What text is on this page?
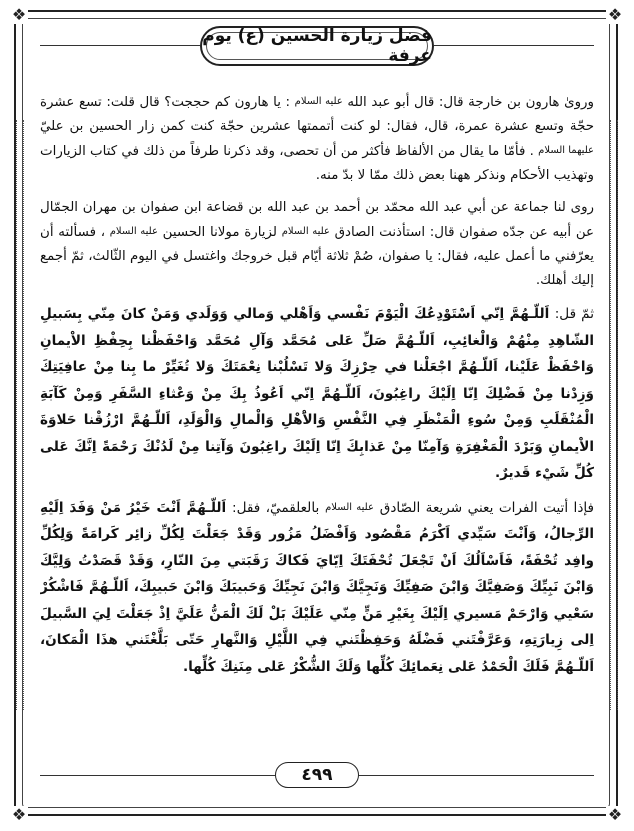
❖	❖
❖	❖
فضل زيارة الحسين (ع) يوم عرفة

ورویٰ هارون بن خارجة قال: قال أبو عبد الله عليه السلام : يا هارون كم حججت؟ قال قلت: تسع عشرة حجّة وتسع عشرة عمرة، قال، فقال: لو كنت أتممتها عشرين حجّة كنت كمن زار الحسين بن عليّ عليهما السلام . فأمّا ما يقال من الألفاظ فأكثر من أن تحصى، وقد ذكرنا طرفاً من ذلك في كتاب الزيارات وتهذيب الأحكام ونذكر ههنا بعض ذلك ممّا لا بدّ منه.

روى لنا جماعة عن أبي عبد الله محمّد بن أحمد بن عبد الله بن قضاعة ابن صفوان بن مهران الجمّال عن أبيه عن جدّه صفوان قال: استأذنت الصادق عليه السلام لزيارة مولانا الحسين عليه السلام ، فسألته أن يعرّفني ما أعمل عليه، فقال: يا صفوان، صُمْ ثلاثة أيّام قبل خروجك واغتسل في اليوم الثّالث، ثمّ أجمع إليك أهلك.

ثمّ قل: اَللّـهُمَّ اِنّي اَسْتَوْدِعُكَ الْيَوْمَ نَفْسي وَاَهْلي وَمالي وَوَلَدي وَمَنْ كانَ مِنّي بِسَبيلِ الشّاهِدِ مِنْهُمْ وَالْغائِبِ، اَللّـهُمَّ صَلِّ عَلى مُحَمَّد وَآلِ مُحَمَّد وَاحْفَظْنا بِحِفْظِ الاْيمانِ وَاحْفَظْ عَلَيْنا، اَللّـهُمَّ اجْعَلْنا في حِرْزِكَ وَلا تَسْلُبْنا نِعْمَتَكَ وَلا تُغَيِّرْ ما بِنا مِنْ عافِيَتِكَ وَزِدْنا مِنْ فَضْلِكَ اِنّا اِلَيْكَ راغِبُونَ، اَللّـهُمَّ اِنّي اَعُوذُ بِكَ مِنْ وَعْثاءِ السَّفَرِ وَمِنْ كَآبَةِ الْمُنْقَلَبِ وَمِنْ سُوءِ الْمَنْظَرِ فِي النَّفْسِ وَالاَْهْلِ وَالْمالِ وَالْوَلَدِ، اَللّـهُمَّ ارْزُقْنا حَلاوَةَ الاْيمانِ وَبَرْدَ الْمَغْفِرَةِ وَآمِنّا مِنْ عَذابِكَ اِنّا اِلَيْكَ راغِبُونَ وَآتِنا مِنْ لَدُنْكَ رَحْمَةً اِنَّكَ عَلى كُلِّ شَيْء قَديرٌ.

فإذا أتيت الفرات يعني شريعة الصّادق عليه السلام بالعلقميّ، فقل: اَللّـهُمَّ اَنْتَ خَيْرُ مَنْ وَفَدَ اِلَيْهِ الرِّجالُ، وَاَنْتَ سَيِّدي اَكْرَمُ مَقْصُود وَاَفْضَلُ مَزُور وَقَدْ جَعَلْتَ لِكُلِّ زائِر كَرامَةً وَلِكُلِّ وافِد تُحْفَةً، فَاَسْاَلُكَ اَنْ تَجْعَلَ تُحْفَتَكَ اِيّايَ فَكاكَ رَقَبَتي مِنَ النّارِ، وَقَدْ قَصَدْتُ وَلِيَّكَ وَابْنَ نَبِيِّكَ وَصَفِيَّكَ وَابْنَ صَفِيِّكَ وَنَجِيَّكَ وَابْنَ نَجِيِّكَ وَحَبيبَكَ وَابْنَ حَبيبِكَ، اَللّـهُمَّ فَاشْكُرْ سَعْيي وَارْحَمْ مَسيري اِلَيْكَ بِغَيْرِ مَنٍّ مِنّي عَلَيْكَ بَلْ لَكَ الْمَنُّ عَلَيَّ اِذْ جَعَلْتَ لِيَ السَّبيلَ اِلى زِيارَتِهِ، وَعَرَّفْتَني فَضْلَهُ وَحَفِظْتَني فِي اللَّيْلِ وَالنَّهارِ حَتّى بَلَّغْتَني هذَا الْمَكانَ، اَللّـهُمَّ فَلَكَ الْحَمْدُ عَلى نِعَمائِكَ كُلِّها وَلَكَ الشُّكْرُ عَلى مِنَنِكَ كُلِّها.

٤٩٩
